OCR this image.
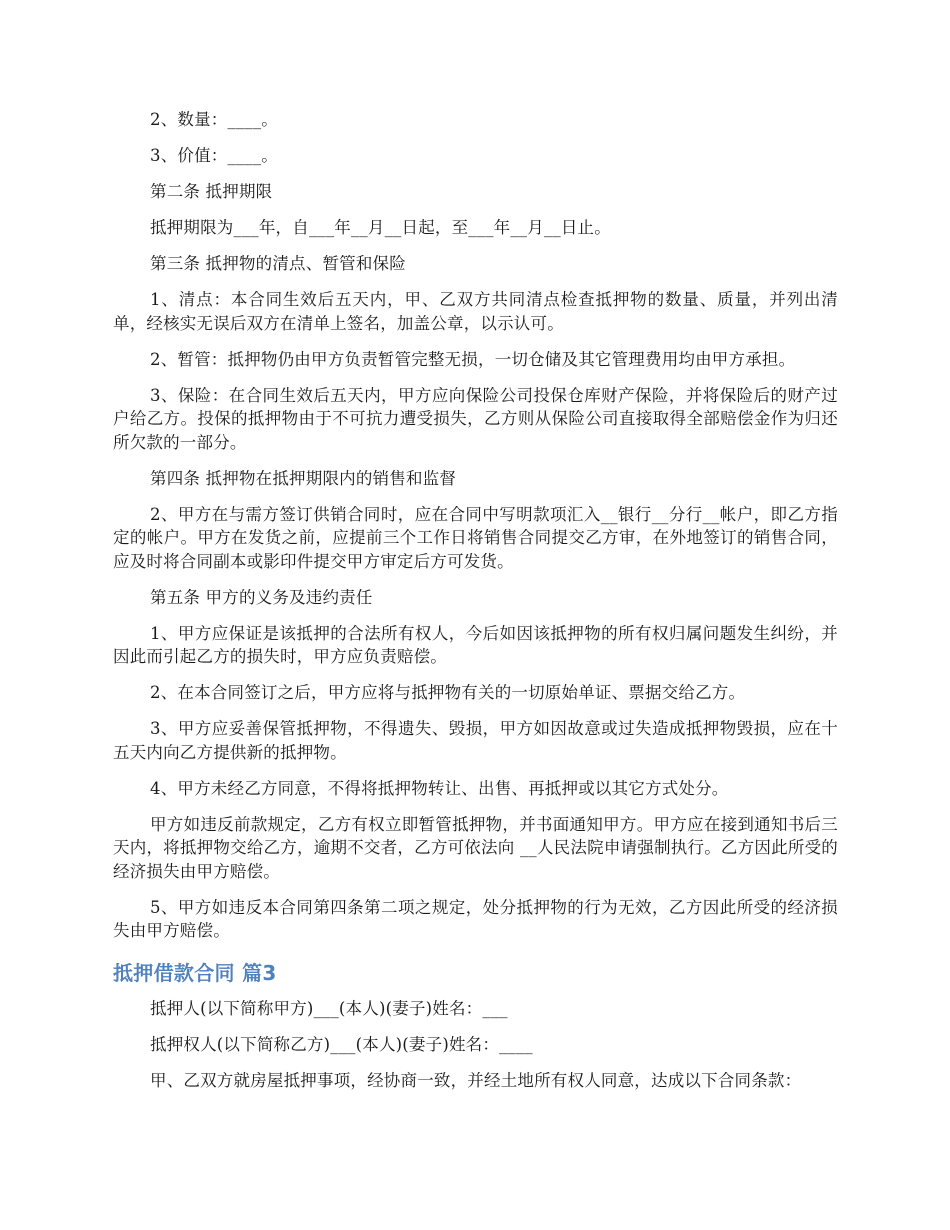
2、数量：____。

3、价值：____。

第二条 抵押期限

抵押期限为___年，自___年__月__日起，至___年__月__日止。

第三条 抵押物的清点、暂管和保险

1、清点：本合同生效后五天内，甲、乙双方共同清点检查抵押物的数量、质量，并列出清单，经核实无误后双方在清单上签名，加盖公章，以示认可。

2、暂管：抵押物仍由甲方负责暂管完整无损，一切仓储及其它管理费用均由甲方承担。

3、保险：在合同生效后五天内，甲方应向保险公司投保仓库财产保险，并将保险后的财产过户给乙方。投保的抵押物由于不可抗力遭受损失，乙方则从保险公司直接取得全部赔偿金作为归还所欠款的一部分。

第四条 抵押物在抵押期限内的销售和监督

2、甲方在与需方签订供销合同时，应在合同中写明款项汇入__银行__分行__帐户，即乙方指定的帐户。甲方在发货之前，应提前三个工作日将销售合同提交乙方审，在外地签订的销售合同，应及时将合同副本或影印件提交甲方审定后方可发货。

第五条 甲方的义务及违约责任

1、甲方应保证是该抵押的合法所有权人，今后如因该抵押物的所有权归属问题发生纠纷，并因此而引起乙方的损失时，甲方应负责赔偿。

2、在本合同签订之后，甲方应将与抵押物有关的一切原始单证、票据交给乙方。

3、甲方应妥善保管抵押物，不得遗失、毁损，甲方如因故意或过失造成抵押物毁损，应在十五天内向乙方提供新的抵押物。

4、甲方未经乙方同意，不得将抵押物转让、出售、再抵押或以其它方式处分。

甲方如违反前款规定，乙方有权立即暂管抵押物，并书面通知甲方。甲方应在接到通知书后三天内，将抵押物交给乙方，逾期不交者，乙方可依法向 __人民法院申请强制执行。乙方因此所受的经济损失由甲方赔偿。

5、甲方如违反本合同第四条第二项之规定，处分抵押物的行为无效，乙方因此所受的经济损失由甲方赔偿。

抵押借款合同 篇3

抵押人(以下简称甲方)___(本人)(妻子)姓名：___

抵押权人(以下简称乙方)___(本人)(妻子)姓名：____

甲、乙双方就房屋抵押事项，经协商一致，并经土地所有权人同意，达成以下合同条款：
